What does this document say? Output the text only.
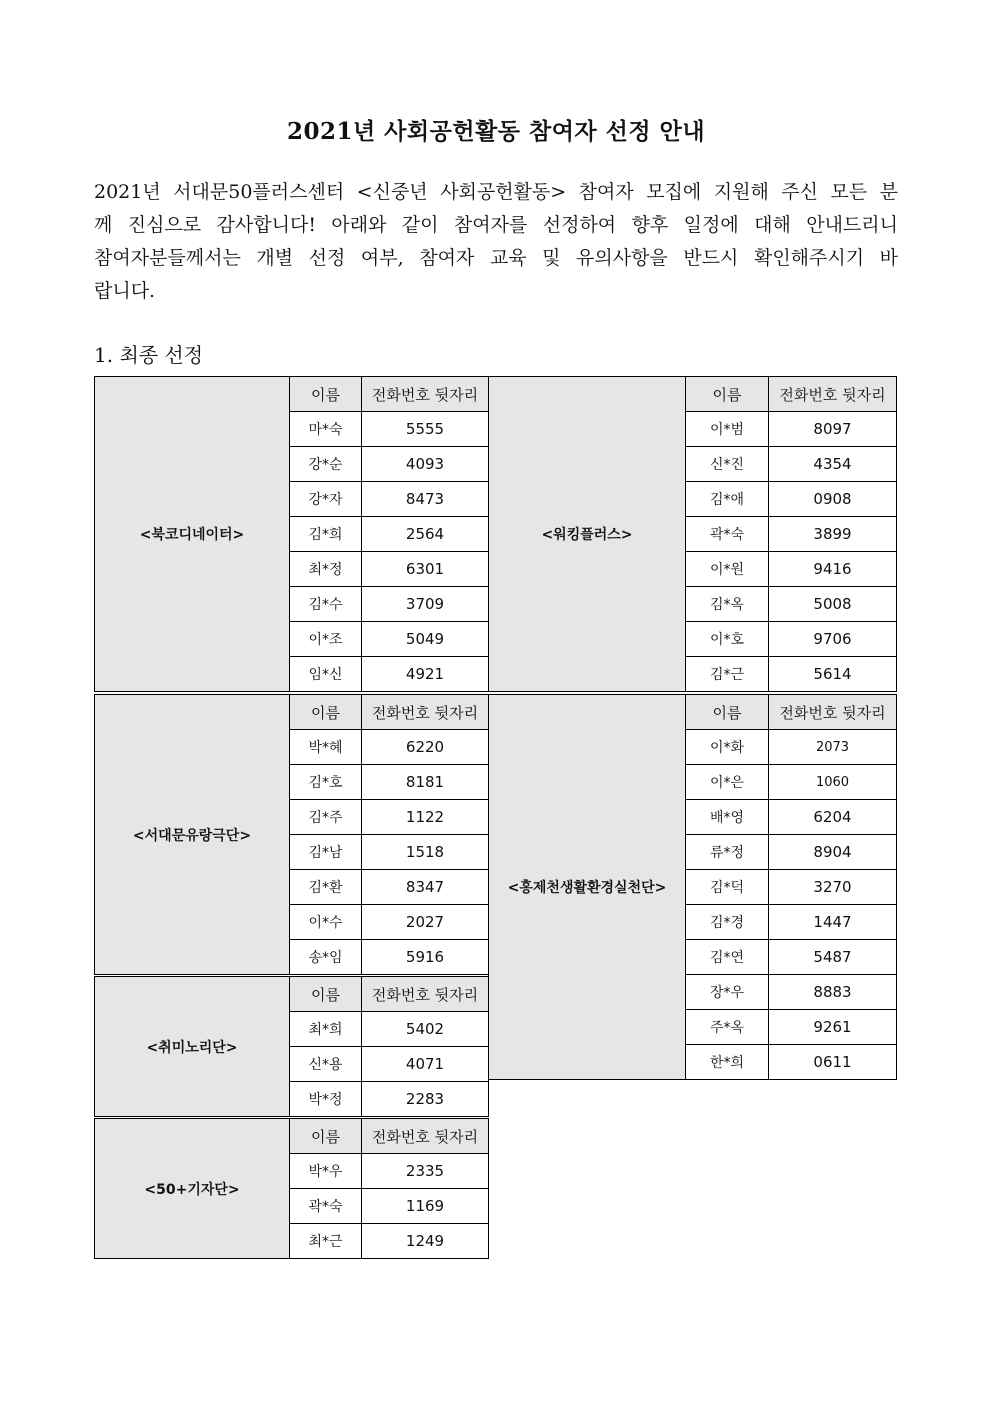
2021년 사회공헌활동 참여자 선정 안내
2021년 서대문50플러스센터 <신중년 사회공헌활동> 참여자 모집에 지원해 주신 모든 분
께 진심으로 감사합니다! 아래와 같이 참여자를 선정하여 향후 일정에 대해 안내드리니
참여자분들께서는 개별 선정 여부, 참여자 교육 및 유의사항을 반드시 확인해주시기 바
랍니다.
1. 최종 선정
<북코디네이터>	이름	전화번호 뒷자리
	마*숙	5555
	강*순	4093
	강*자	8473
	김*희	2564
	최*정	6301
	김*수	3709
	이*조	5049
	임*신	4921
<워킹플러스>	이름	전화번호 뒷자리
	이*범	8097
	신*진	4354
	김*애	0908
	곽*숙	3899
	이*원	9416
	김*옥	5008
	이*호	9706
	김*근	5614
<서대문유랑극단>	이름	전화번호 뒷자리
	박*혜	6220
	김*호	8181
	김*주	1122
	김*남	1518
	김*환	8347
	이*수	2027
	송*임	5916
<홍제천생활환경실천단>	이름	전화번호 뒷자리
	이*화	2073
	이*은	1060
	배*영	6204
	류*정	8904
	김*덕	3270
	김*경	1447
	김*연	5487
	장*우	8883
	주*옥	9261
	한*희	0611
<취미노리단>	이름	전화번호 뒷자리
	최*희	5402
	신*용	4071
	박*정	2283
<50+기자단>	이름	전화번호 뒷자리
	박*우	2335
	곽*숙	1169
	최*근	1249
